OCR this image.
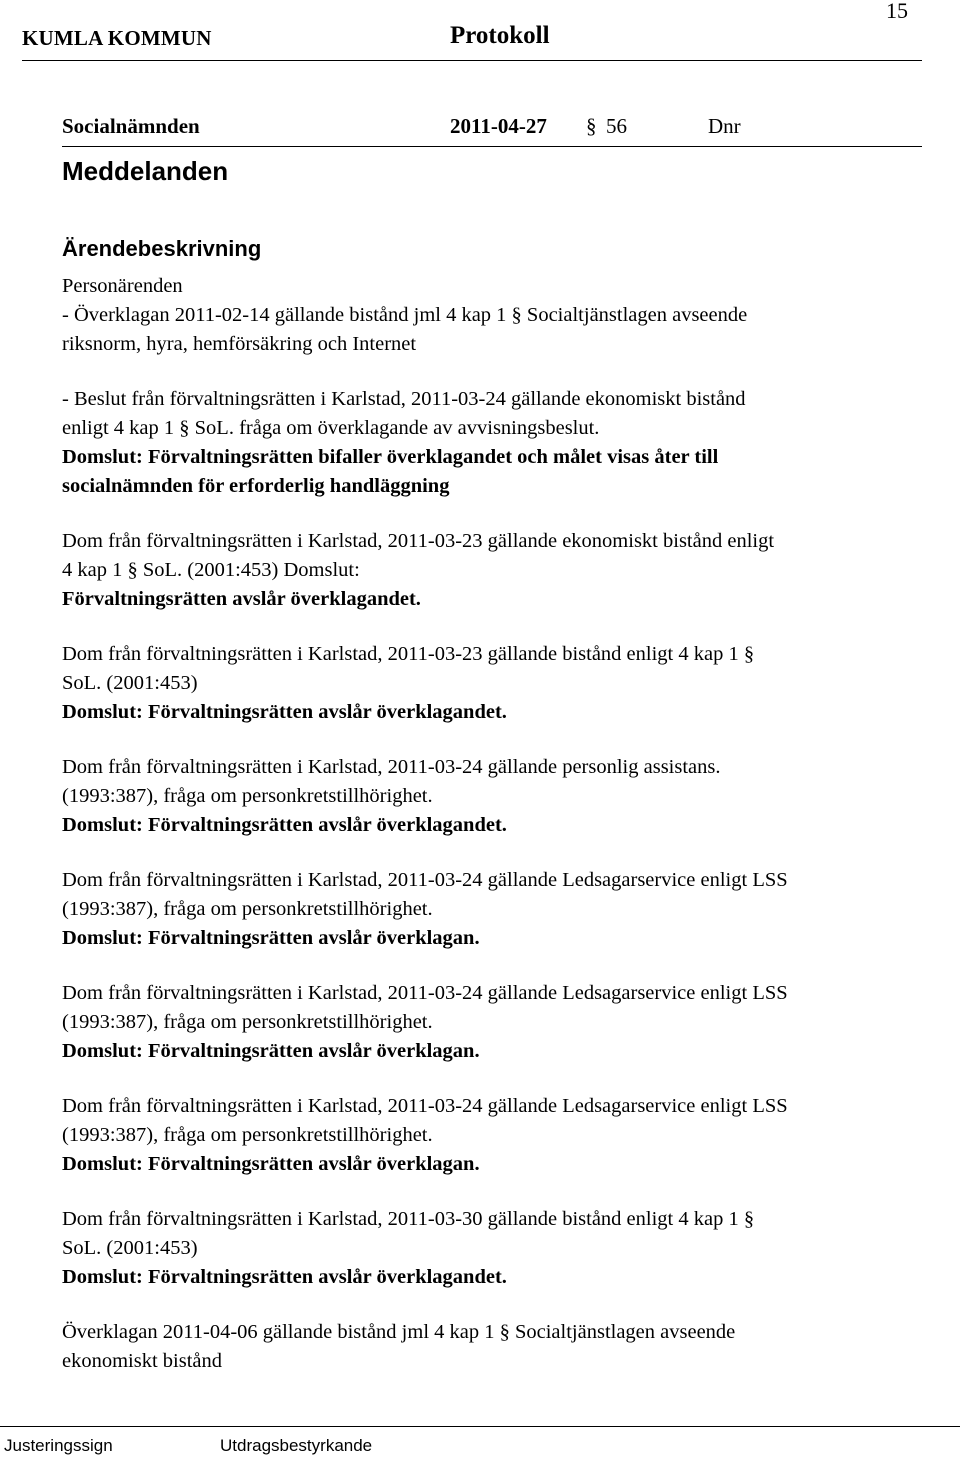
15
KUMLA KOMMUN	Protokoll
Socialnämnden	2011-04-27 § 56	Dnr
Meddelanden
Ärendebeskrivning

Personärenden

- Överklagan 2011-02-14 gällande bistånd jml 4 kap 1 § Socialtjänstlagen avseende

riksnorm, hyra, hemförsäkring och Internet

- Beslut från förvaltningsrätten i Karlstad, 2011-03-24 gällande ekonomiskt bistånd

enligt 4 kap 1 § SoL. fråga om överklagande av avvisningsbeslut.

Domslut: Förvaltningsrätten bifaller överklagandet och målet visas åter till

socialnämnden för erforderlig handläggning

Dom från förvaltningsrätten i Karlstad, 2011-03-23 gällande ekonomiskt bistånd enligt

4 kap 1 § SoL. (2001:453) Domslut:

Förvaltningsrätten avslår överklagandet.

Dom från förvaltningsrätten i Karlstad, 2011-03-23 gällande bistånd enligt 4 kap 1 §

SoL. (2001:453)

Domslut: Förvaltningsrätten avslår överklagandet.

Dom från förvaltningsrätten i Karlstad, 2011-03-24 gällande personlig assistans.

(1993:387), fråga om personkretstillhörighet.

Domslut: Förvaltningsrätten avslår överklagandet.

Dom från förvaltningsrätten i Karlstad, 2011-03-24 gällande Ledsagarservice enligt LSS

(1993:387), fråga om personkretstillhörighet.

Domslut: Förvaltningsrätten avslår överklagan.

Dom från förvaltningsrätten i Karlstad, 2011-03-24 gällande Ledsagarservice enligt LSS

(1993:387), fråga om personkretstillhörighet.

Domslut: Förvaltningsrätten avslår överklagan.

Dom från förvaltningsrätten i Karlstad, 2011-03-24 gällande Ledsagarservice enligt LSS

(1993:387), fråga om personkretstillhörighet.

Domslut: Förvaltningsrätten avslår överklagan.

Dom från förvaltningsrätten i Karlstad, 2011-03-30 gällande bistånd enligt 4 kap 1 §

SoL. (2001:453)

Domslut: Förvaltningsrätten avslår överklagandet.

Överklagan 2011-04-06 gällande bistånd jml 4 kap 1 § Socialtjänstlagen avseende

ekonomiskt bistånd

Justeringssign	Utdragsbestyrkande
